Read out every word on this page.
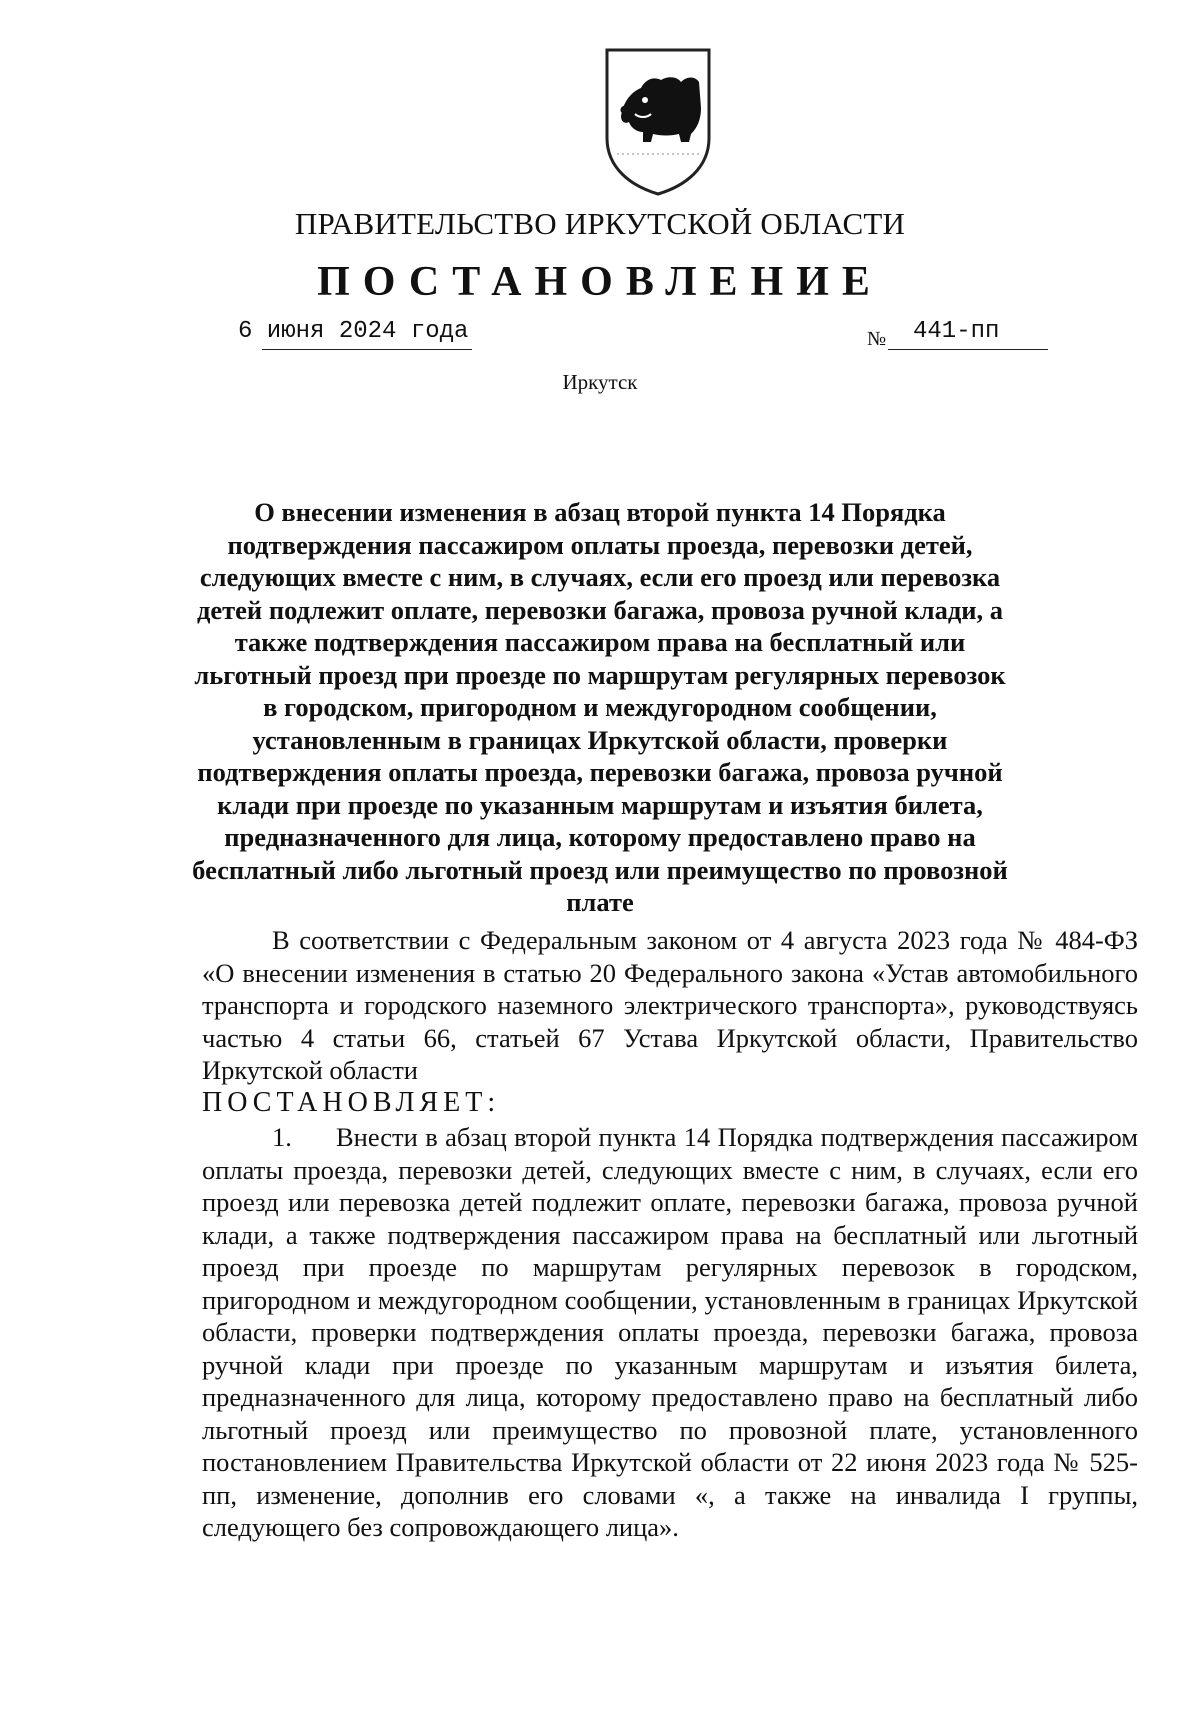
ПРАВИТЕЛЬСТВО ИРКУТСКОЙ ОБЛАСТИ
ПОСТАНОВЛЕНИЕ
6 июня 2024 года	№ 441-пп
Иркутск

О внесении изменения в абзац второй пункта 14 Порядка подтверждения пассажиром оплаты проезда, перевозки детей, следующих вместе с ним, в случаях, если его проезд или перевозка детей подлежит оплате, перевозки багажа, провоза ручной клади, а также подтверждения пассажиром права на бесплатный или льготный проезд при проезде по маршрутам регулярных перевозок в городском, пригородном и междугородном сообщении, установленным в границах Иркутской области, проверки подтверждения оплаты проезда, перевозки багажа, провоза ручной клади при проезде по указанным маршрутам и изъятия билета, предназначенного для лица, которому предоставлено право на бесплатный либо льготный проезд или преимущество по провозной плате

В соответствии с Федеральным законом от 4 августа 2023 года № 484-ФЗ «О внесении изменения в статью 20 Федерального закона «Устав автомобильного транспорта и городского наземного электрического транспорта», руководствуясь частью 4 статьи 66, статьей 67 Устава Иркутской области, Правительство Иркутской области

ПОСТАНОВЛЯЕТ:

1. Внести в абзац второй пункта 14 Порядка подтверждения пассажиром оплаты проезда, перевозки детей, следующих вместе с ним, в случаях, если его проезд или перевозка детей подлежит оплате, перевозки багажа, провоза ручной клади, а также подтверждения пассажиром права на бесплатный или льготный проезд при проезде по маршрутам регулярных перевозок в городском, пригородном и междугородном сообщении, установленным в границах Иркутской области, проверки подтверждения оплаты проезда, перевозки багажа, провоза ручной клади при проезде по указанным маршрутам и изъятия билета, предназначенного для лица, которому предоставлено право на бесплатный либо льготный проезд или преимущество по провозной плате, установленного постановлением Правительства Иркутской области от 22 июня 2023 года № 525-пп, изменение, дополнив его словами «, а также на инвалида I группы, следующего без сопровождающего лица».
